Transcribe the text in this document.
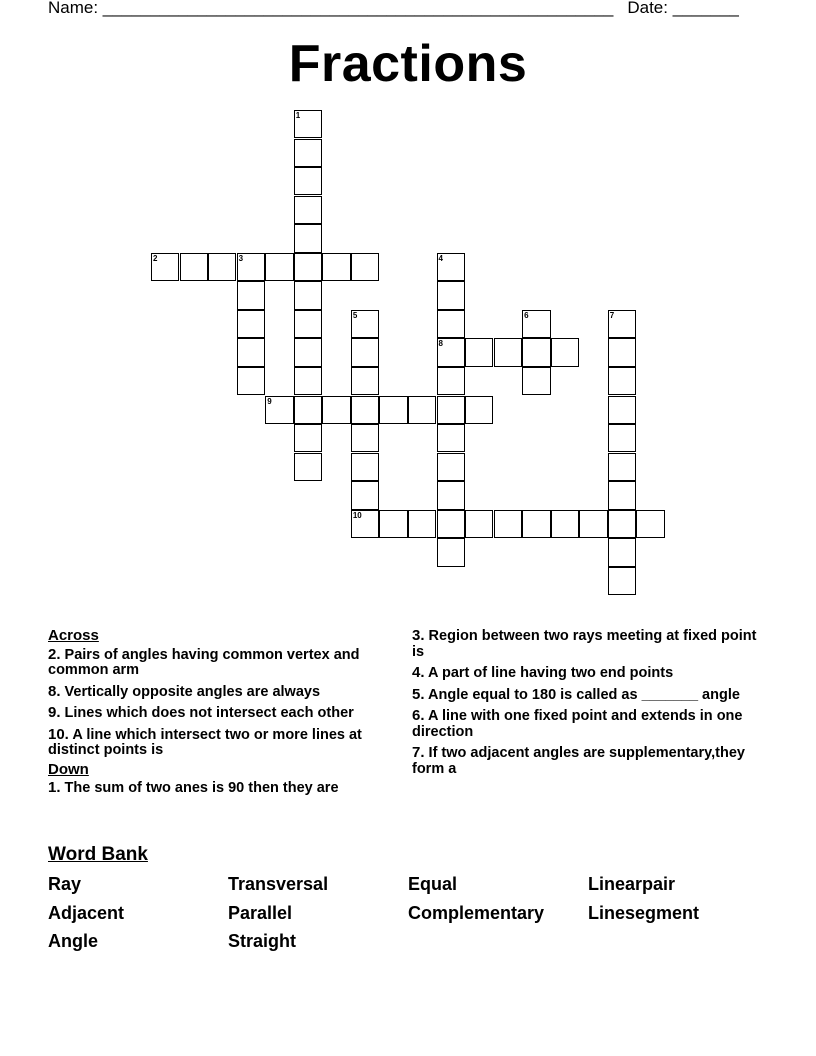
Name: ______________________________________________________ Date: _______
Fractions
1
2	3	4
8
5
10
6	7
9
Across
2. Pairs of angles having common vertex and common arm
8. Vertically opposite angles are always
9. Lines which does not intersect each other
10. A line which intersect two or more lines at distinct points is
Down
1. The sum of two anes is 90 then they are
3. Region between two rays meeting at fixed point is
4. A part of line having two end points
5. Angle equal to 180 is called as _______ angle
6. A line with one fixed point and extends in one direction
7. If two adjacent angles are supplementary,they form a
Word Bank
Ray	Transversal	Equal	Linearpair
Adjacent	Parallel	Complementary Linesegment
Angle	Straight
